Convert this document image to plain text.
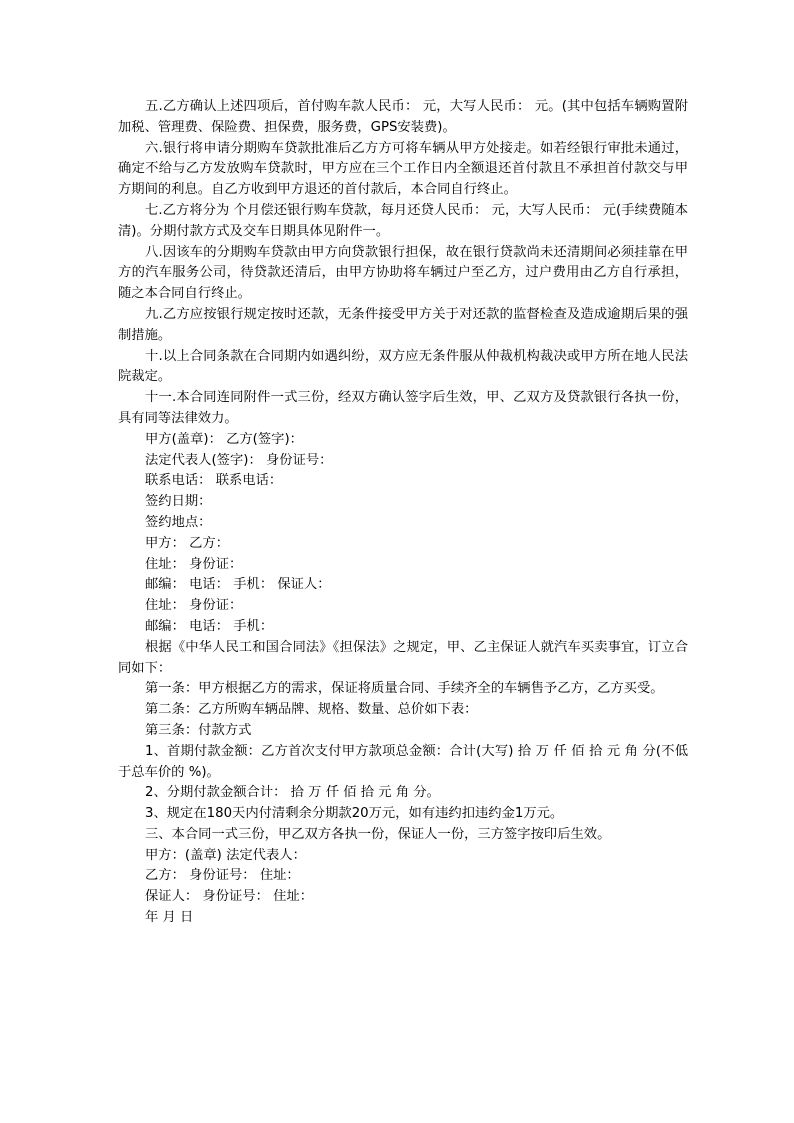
五.乙方确认上述四项后，首付购车款人民币： 元，大写人民币： 元。(其中包括车辆购置附加税、管理费、保险费、担保费，服务费，GPS安装费)。

六.银行将申请分期购车贷款批准后乙方方可将车辆从甲方处接走。如若经银行审批未通过，确定不给与乙方发放购车贷款时，甲方应在三个工作日内全额退还首付款且不承担首付款交与甲方期间的利息。自乙方收到甲方退还的首付款后，本合同自行终止。

七.乙方将分为 个月偿还银行购车贷款，每月还贷人民币： 元，大写人民币： 元(手续费随本清)。分期付款方式及交车日期具体见附件一。

八.因该车的分期购车贷款由甲方向贷款银行担保，故在银行贷款尚未还清期间必须挂靠在甲方的汽车服务公司，待贷款还清后，由甲方协助将车辆过户至乙方，过户费用由乙方自行承担，随之本合同自行终止。

九.乙方应按银行规定按时还款，无条件接受甲方关于对还款的监督检查及造成逾期后果的强制措施。

十.以上合同条款在合同期内如遇纠纷，双方应无条件服从仲裁机构裁决或甲方所在地人民法院裁定。

十一.本合同连同附件一式三份，经双方确认签字后生效，甲、乙双方及贷款银行各执一份，具有同等法律效力。

甲方(盖章)： 乙方(签字)：

法定代表人(签字)： 身份证号：

联系电话： 联系电话：

签约日期：

签约地点：

甲方： 乙方：

住址： 身份证：

邮编： 电话： 手机： 保证人：

住址： 身份证：

邮编： 电话： 手机：

根据《中华人民工和国合同法》《担保法》之规定，甲、乙主保证人就汽车买卖事宜，订立合同如下：

第一条：甲方根据乙方的需求，保证将质量合同、手续齐全的车辆售予乙方，乙方买受。

第二条：乙方所购车辆品牌、规格、数量、总价如下表：

第三条：付款方式

1、首期付款金额：乙方首次支付甲方款项总金额：合计(大写) 拾 万 仟 佰 拾 元 角 分(不低于总车价的 %)。

2、分期付款金额合计： 拾 万 仟 佰 拾 元 角 分。

3、规定在180天内付清剩余分期款20万元，如有违约扣违约金1万元。

三、本合同一式三份，甲乙双方各执一份，保证人一份，三方签字按印后生效。

甲方：(盖章) 法定代表人：

乙方： 身份证号： 住址：

保证人： 身份证号： 住址：

年 月 日
